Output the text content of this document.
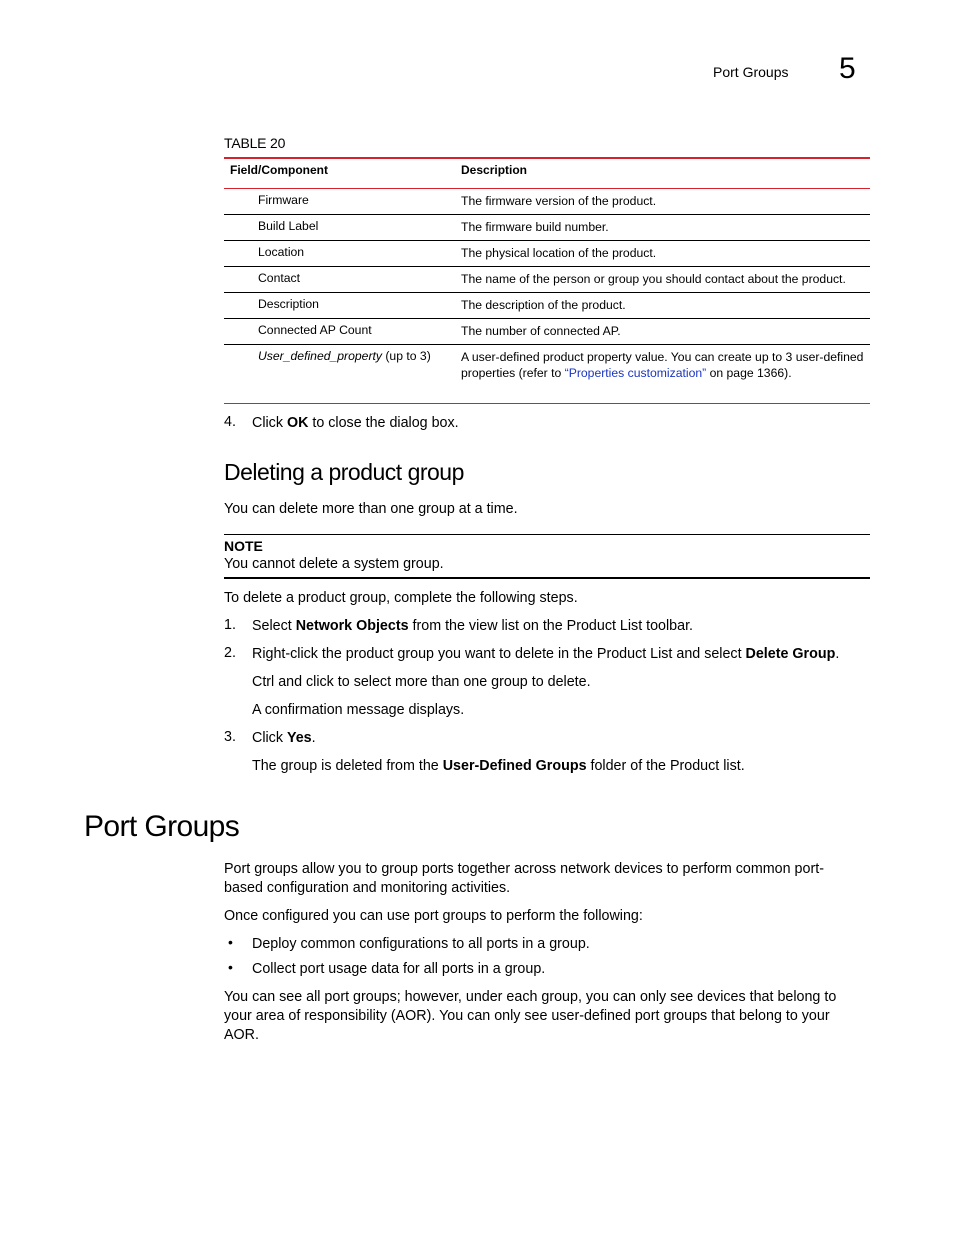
Port Groups 5
TABLE 20
Field/Component	Description
Firmware	The firmware version of the product.
Build Label	The firmware build number.
Location	The physical location of the product.
Contact	The name of the person or group you should contact about the product.
Description	The description of the product.
Connected AP Count	The number of connected AP.
User_defined_property (up to 3)	A user-defined product property value. You can create up to 3 user-defined properties (refer to “Properties customization” on page 1366).
4. Click OK to close the dialog box.
Deleting a product group
You can delete more than one group at a time.
NOTE
You cannot delete a system group.
To delete a product group, complete the following steps.
1. Select Network Objects from the view list on the Product List toolbar.
2. Right-click the product group you want to delete in the Product List and select Delete Group.
Ctrl and click to select more than one group to delete.
A confirmation message displays.
3. Click Yes.
The group is deleted from the User-Defined Groups folder of the Product list.
Port Groups
Port groups allow you to group ports together across network devices to perform common port-based configuration and monitoring activities.
Once configured you can use port groups to perform the following:
• Deploy common configurations to all ports in a group.
• Collect port usage data for all ports in a group.
You can see all port groups; however, under each group, you can only see devices that belong to your area of responsibility (AOR). You can only see user-defined port groups that belong to your AOR.
